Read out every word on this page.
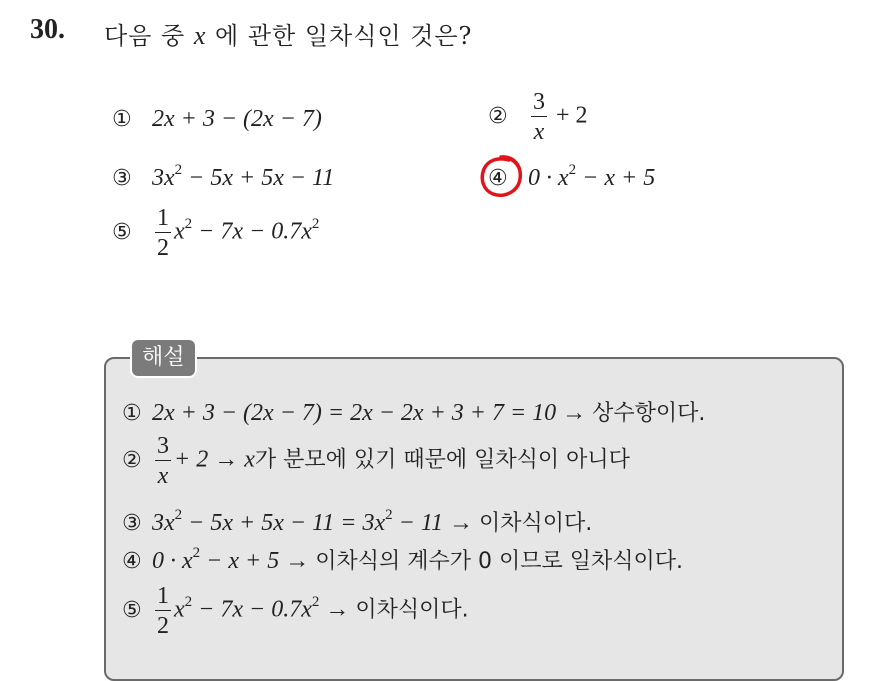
30. 다음 중 x 에 관한 일차식인 것은?
① 2x + 3 − (2x − 7)	② $\frac{3}{x} + 2$
③ $3x^2 - 5x + 5x - 11$	④ $0 \cdot x^2 - x + 5$
⑤ $\frac{1}{2} x^2 - 7x - 0.7x^2$
해설
① 2x + 3 − (2x − 7) = 2x − 2x + 3 + 7 = 10 → 상수항이다.
② $\frac{3}{x} + 2 \to x$가 분모에 있기 때문에 일차식이 아니다
③ $3x^2 - 5x + 5x - 11 = 3x^2 - 11$ → 이차식이다.
④ $0 \cdot x^2 - x + 5$ → 이차식의 계수가 0 이므로 일차식이다.
⑤ $\frac{1}{2} x^2 - 7x - 0.7x^2$ → 이차식이다.
